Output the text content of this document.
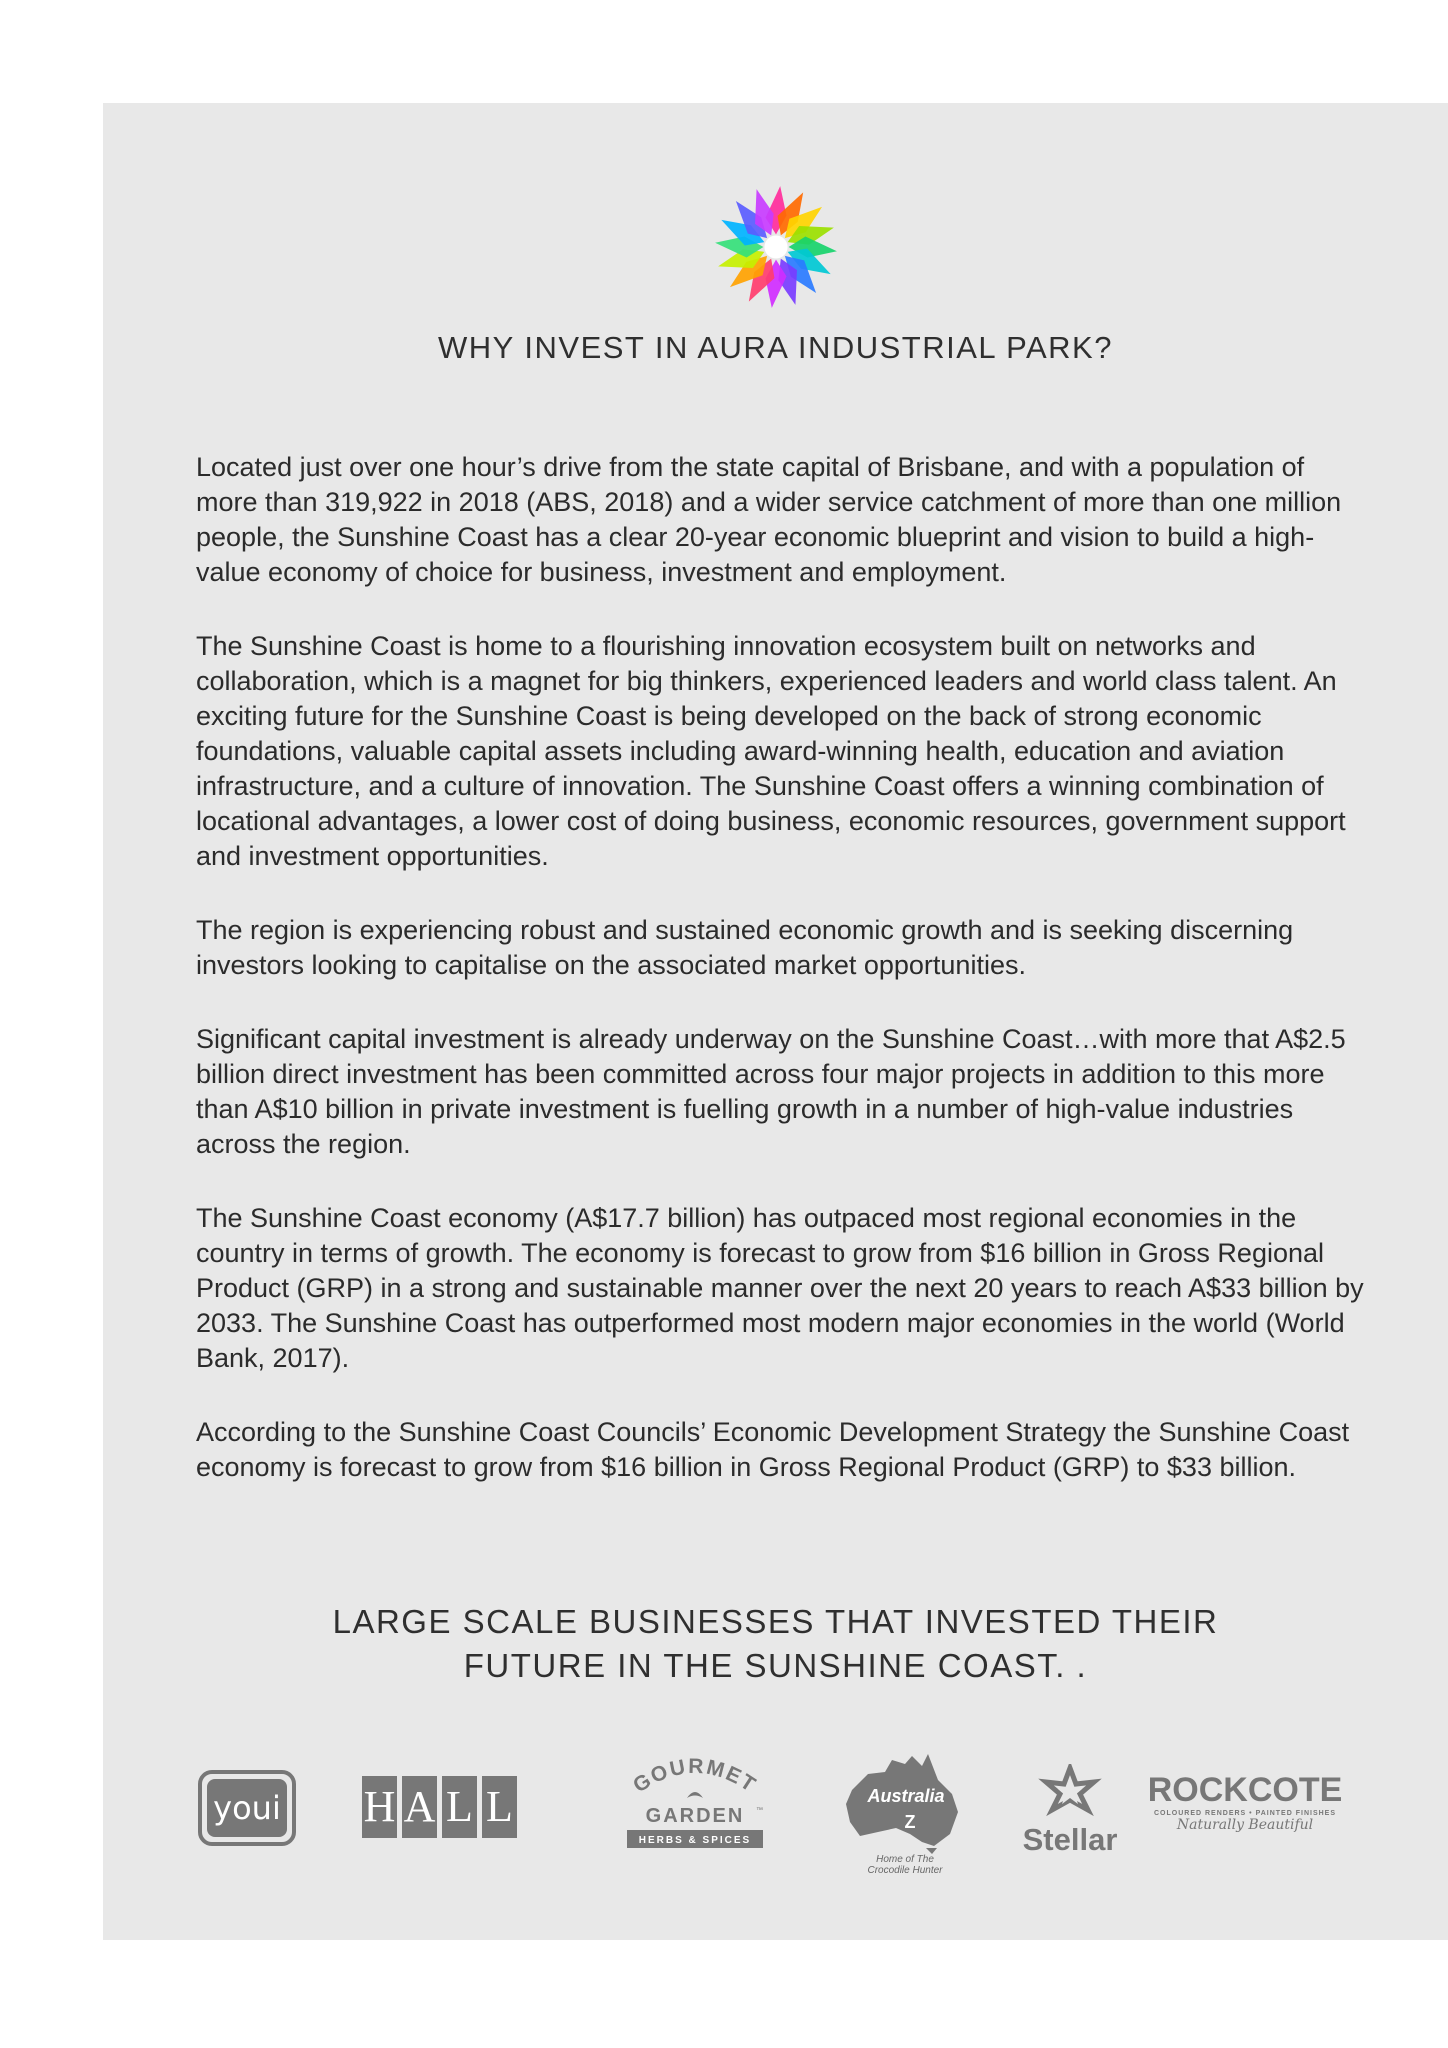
WHY INVEST IN AURA INDUSTRIAL PARK?

Located just over one hour’s drive from the state capital of Brisbane, and with a population of more than 319,922 in 2018 (ABS, 2018) and a wider service catchment of more than one million people, the Sunshine Coast has a clear 20-year economic blueprint and vision to build a high-value economy of choice for business, investment and employment.

The Sunshine Coast is home to a flourishing innovation ecosystem built on networks and collaboration, which is a magnet for big thinkers, experienced leaders and world class talent. An exciting future for the Sunshine Coast is being developed on the back of strong economic foundations, valuable capital assets including award-winning health, education and aviation infrastructure, and a culture of innovation. The Sunshine Coast offers a winning combination of locational advantages, a lower cost of doing business, economic resources, government support and investment opportunities.

The region is experiencing robust and sustained economic growth and is seeking discerning investors looking to capitalise on the associated market opportunities.

Significant capital investment is already underway on the Sunshine Coast…with more that A$2.5 billion direct investment has been committed across four major projects in addition to this more than A$10 billion in private investment is fuelling growth in a number of high-value industries across the region.

The Sunshine Coast economy (A$17.7 billion) has outpaced most regional economies in the country in terms of growth. The economy is forecast to grow from $16 billion in Gross Regional Product (GRP) in a strong and sustainable manner over the next 20 years to reach A$33 billion by 2033. The Sunshine Coast has outperformed most modern major economies in the world (World Bank, 2017).

According to the Sunshine Coast Councils’ Economic Development Strategy the Sunshine Coast economy is forecast to grow from $16 billion in Gross Regional Product (GRP) to $33 billion.

LARGE SCALE BUSINESSES THAT INVESTED THEIR
FUTURE IN THE SUNSHINE COAST. .
youi H A L L	GOURMET
GARDEN ™
HERBS & SPICES
Australia
Z
Home of The
Crocodile Hunter
Stellar
ROCKCOTE
COLOURED RENDERS • PAINTED FINISHES
Naturally Beautiful
